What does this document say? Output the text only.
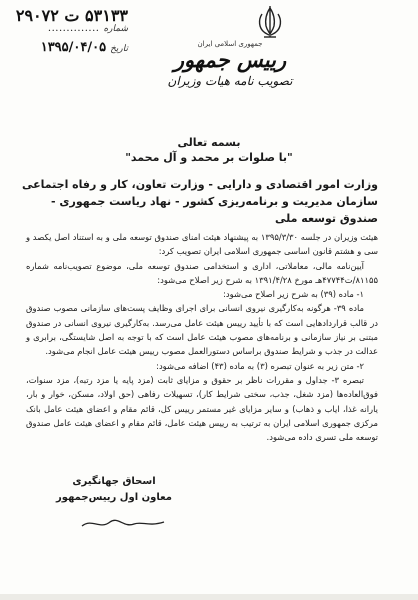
۵۳۱۳۳ ت ۲۹۰۷۲
شماره
..............
تاریخ
۱۳۹۵/۰۴/۰۵	جمهوری اسلامی ایران
رییس جمهور
تصویب نامه هیات وزیران
بسمه تعالی
"با صلوات بر محمد و آل محمد"
وزارت امور اقتصادی و دارایی - وزارت تعاون، کار و رفاه اجتماعی
سازمان مدیریت و برنامه‌ریزی کشور - نهاد ریاست جمهوری - صندوق توسعه ملی

هیئت وزیران در جلسه ۱۳۹۵/۳/۳۰ به پیشنهاد هیئت امنای صندوق توسعه ملی و به استناد اصل یکصد و سی و هشتم قانون اساسی جمهوری اسلامی ایران تصویب کرد:

آیین‌نامه مالی، معاملاتی، اداری و استخدامی صندوق توسعه ملی، موضوع تصویب‌نامه شماره ۸۱۱۵۵/ت۴۷۷۴۴هـ مورخ ۱۳۹۱/۴/۲۸ به شرح زیر اصلاح می‌شود:

۱- ماده (۳۹) به شرح زیر اصلاح می‌شود:

ماده ۳۹- هرگونه به‌کارگیری نیروی انسانی برای اجرای وظایف پست‌های سازمانی مصوب صندوق در قالب قراردادهایی است که با تأیید رییس هیئت عامل می‌رسد. به‌کارگیری نیروی انسانی در صندوق مبتنی بر نیاز سازمانی و برنامه‌های مصوب هیئت عامل است که با توجه به اصل شایستگی، برابری و عدالت در جذب و شرایط صندوق براساس دستورالعمل مصوب رییس هیئت عامل انجام می‌شود.

۲- متن زیر به عنوان تبصره (۳) به ماده (۴۳) اضافه می‌شود:

تبصره ۳- جداول و مقررات ناظر بر حقوق و مزایای ثابت (مزد پایه یا مزد رتبه)، مزد سنوات، فوق‌العاده‌ها (مزد شغل، جذب، سختی شرایط کار)، تسهیلات رفاهی (حق اولاد، مسکن، خوار و بار، یارانه غذا، ایاب و ذهاب) و سایر مزایای غیر مستمر رییس کل، قائم مقام و اعضای هیئت عامل بانک مرکزی جمهوری اسلامی ایران به ترتیب به رییس هیئت عامل، قائم مقام و اعضای هیئت عامل صندوق توسعه ملی تسری داده می‌شود.

اسحاق جهانگیری
معاون اول رییس‌جمهور
